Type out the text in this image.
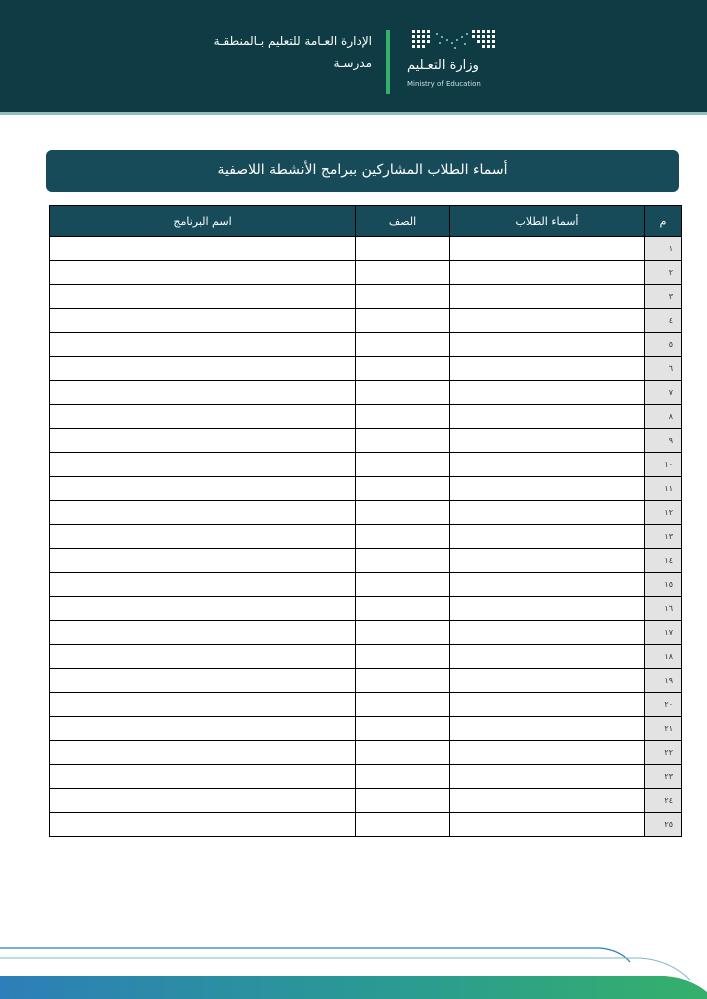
الإدارة العـامة للتعليم بـالمنطقـة
مدرسـة	وزارة التعـليم
Ministry of Education
أسماء الطلاب المشاركين ببرامج الأنشطة اللاصفية
م	أسماء الطلاب	الصف	اسم البرنامج
١			
٢			
٣			
٤			
٥			
٦			
٧			
٨			
٩			
١٠			
١١			
١٢			
١٣			
١٤			
١٥			
١٦			
١٧			
١٨			
١٩			
٢٠			
٢١			
٢٢			
٢٣			
٢٤			
٢٥			
